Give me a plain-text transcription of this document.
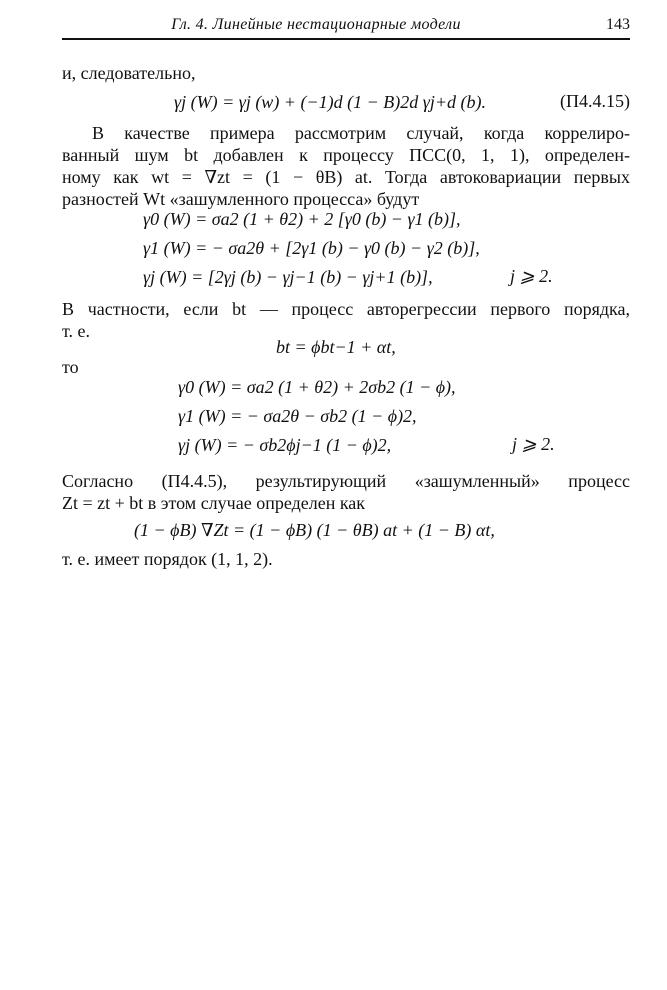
Гл. 4. Линейные нестационарные модели	143
и, следовательно,
γj (W) = γj (w) + (−1)d (1 − B)2d γj+d (b).	(П4.4.15)
В качестве примера рассмотрим случай, когда коррелиро-
ванный шум bt добавлен к процессу ПСС(0, 1, 1), определен-
ному как wt = ∇zt = (1 − θB) at. Тогда автоковариации первых
разностей Wt «зашумленного процесса» будут
γ0 (W) = σa2 (1 + θ2) + 2 [γ0 (b) − γ1 (b)],
γ1 (W) = − σa2θ + [2γ1 (b) − γ0 (b) − γ2 (b)],
γj (W) = [2γj (b) − γj−1 (b) − γj+1 (b)],	j ⩾ 2.
В частности, если bt — процесс авторегрессии первого порядка,
т. е.
bt = ϕbt−1 + αt,
то
γ0 (W) = σa2 (1 + θ2) + 2σb2 (1 − ϕ),
γ1 (W) = − σa2θ − σb2 (1 − ϕ)2,
γj (W) = − σb2ϕj−1 (1 − ϕ)2,	j ⩾ 2.
Согласно (П4.4.5), результирующий «зашумленный» процесс
Zt = zt + bt в этом случае определен как
(1 − ϕB) ∇Zt = (1 − ϕB) (1 − θB) at + (1 − B) αt,
т. е. имеет порядок (1, 1, 2).
